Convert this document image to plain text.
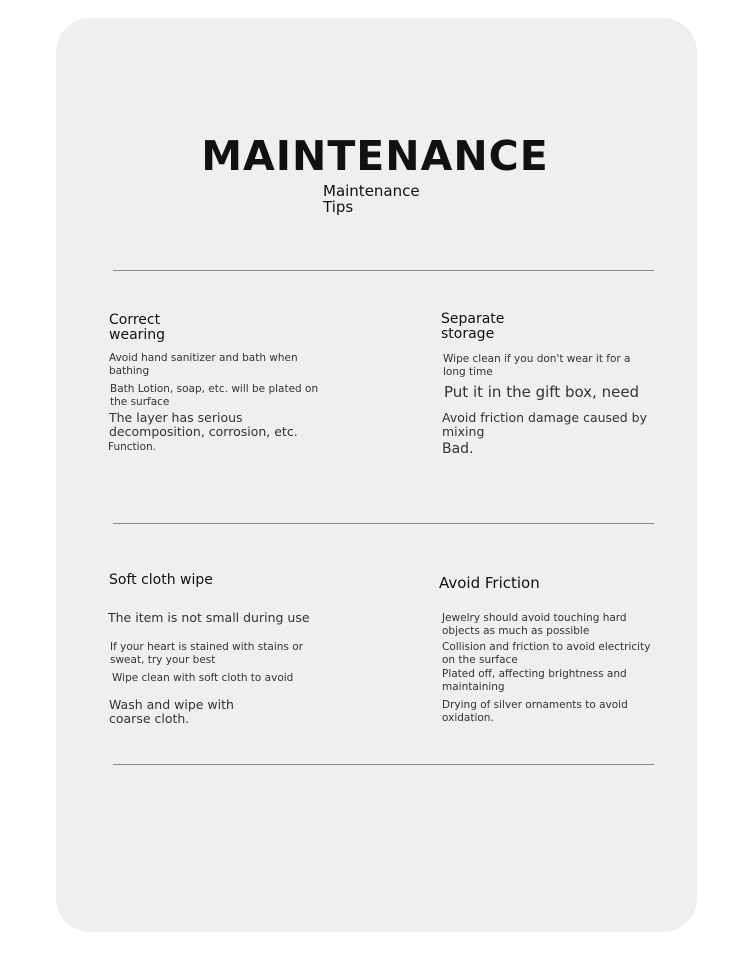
MAINTENANCE
Maintenance
Tips
Correct
wearing
Avoid hand sanitizer and bath when bathing
Bath Lotion, soap, etc. will be plated on the surface
The layer has serious decomposition, corrosion, etc.
Function.
Separate
storage
Wipe clean if you don't wear it for a long time
Put it in the gift box, need
Avoid friction damage caused by mixing
Bad.
Soft cloth wipe
The item is not small during use
If your heart is stained with stains or sweat, try your best
Wipe clean with soft cloth to avoid
Wash and wipe with coarse cloth.
Avoid Friction
Jewelry should avoid touching hard objects as much as possible
Collision and friction to avoid electricity on the surface
Plated off, affecting brightness and maintaining
Drying of silver ornaments to avoid oxidation.
